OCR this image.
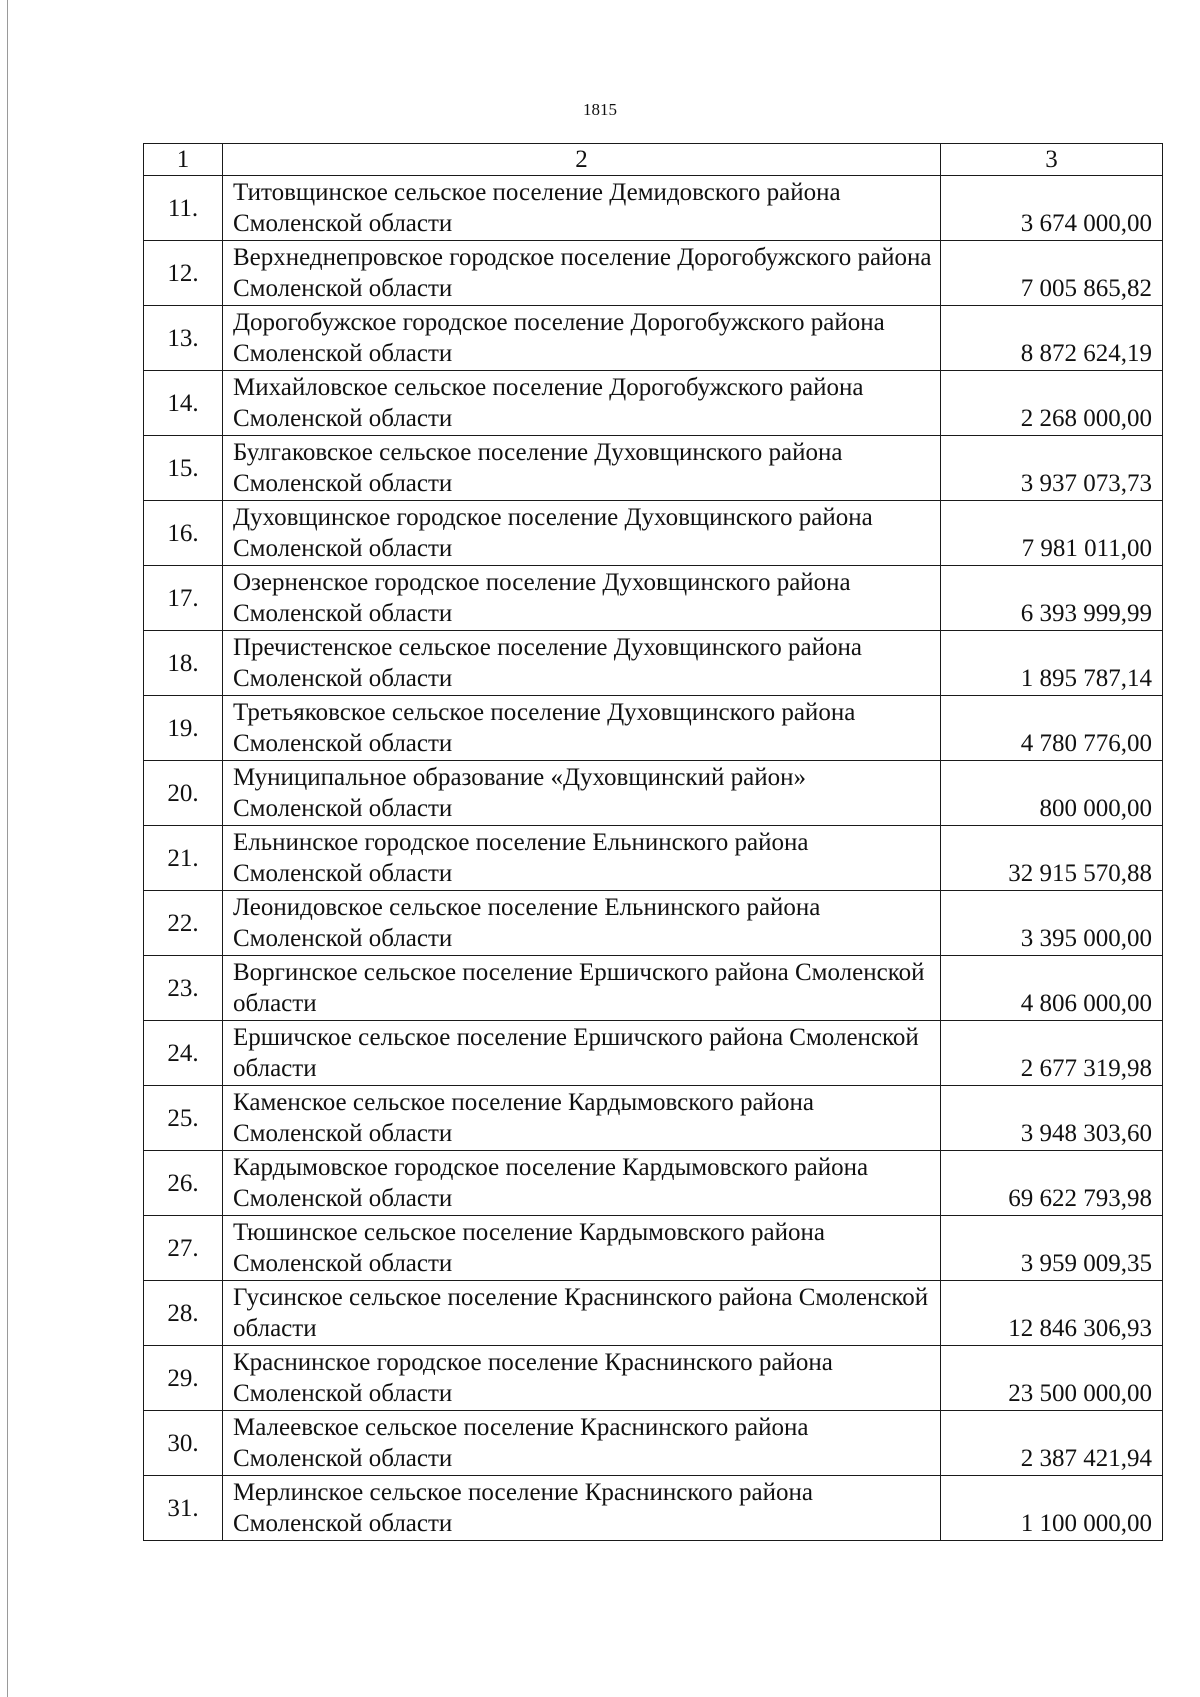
1815
1	2	3
11.	Титовщинское сельское поселение Демидовского района Смоленской области	3 674 000,00
12.	Верхнеднепровское городское поселение Дорогобужского района Смоленской области	7 005 865,82
13.	Дорогобужское городское поселение Дорогобужского района Смоленской области	8 872 624,19
14.	Михайловское сельское поселение Дорогобужского района Смоленской области	2 268 000,00
15.	Булгаковское сельское поселение Духовщинского района Смоленской области	3 937 073,73
16.	Духовщинское городское поселение Духовщинского района Смоленской области	7 981 011,00
17.	Озерненское городское поселение Духовщинского района Смоленской области	6 393 999,99
18.	Пречистенское сельское поселение Духовщинского района Смоленской области	1 895 787,14
19.	Третьяковское сельское поселение Духовщинского района Смоленской области	4 780 776,00
20.	Муниципальное образование «Духовщинский район» Смоленской области	800 000,00
21.	Ельнинское городское поселение Ельнинского района Смоленской области	32 915 570,88
22.	Леонидовское сельское поселение Ельнинского района Смоленской области	3 395 000,00
23.	Воргинское сельское поселение Ершичского района Смоленской области	4 806 000,00
24.	Ершичское сельское поселение Ершичского района Смоленской области	2 677 319,98
25.	Каменское сельское поселение Кардымовского района Смоленской области	3 948 303,60
26.	Кардымовское городское поселение Кардымовского района Смоленской области	69 622 793,98
27.	Тюшинское сельское поселение Кардымовского района Смоленской области	3 959 009,35
28.	Гусинское сельское поселение Краснинского района Смоленской области	12 846 306,93
29.	Краснинское городское поселение Краснинского района Смоленской области	23 500 000,00
30.	Малеевское сельское поселение Краснинского района Смоленской области	2 387 421,94
31.	Мерлинское сельское поселение Краснинского района Смоленской области	1 100 000,00
